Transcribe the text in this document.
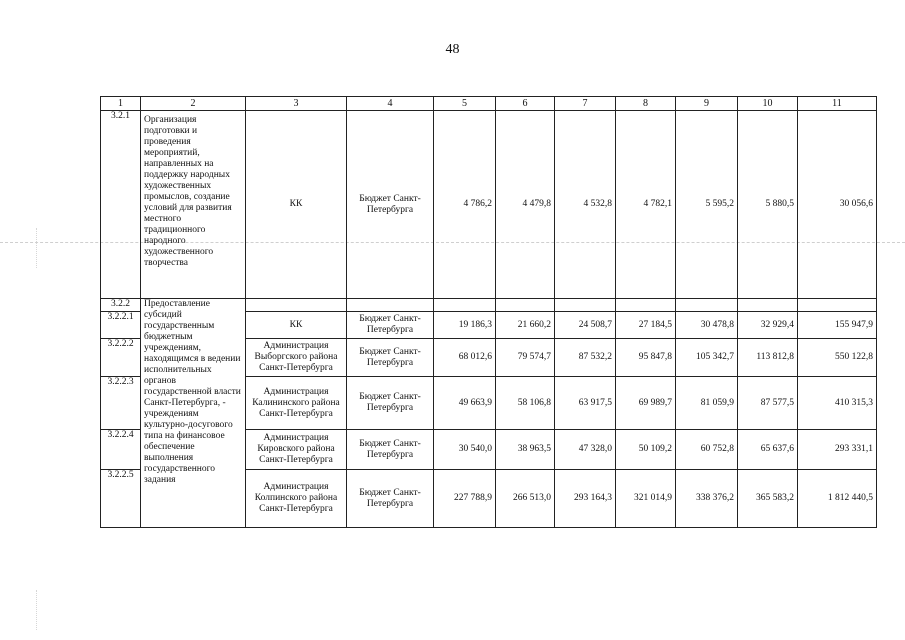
48
1	2	3	4	5	6	7	8	9	10	11
3.2.1	Организация подготовки и проведения мероприятий, направленных на поддержку народных художественных промыслов, создание условий для развития местного традиционного народного художественного творчества	КК	Бюджет Санкт-Петербурга	4 786,2	4 479,8	4 532,8	4 782,1	5 595,2	5 880,5	30 056,6
3.2.2	Предоставление субсидий государственным бюджетным учреждениям, находящимся в ведении исполнительных органов государственной власти Санкт-Петербурга, - учреждениям культурно-досугового типа на финансовое обеспечение выполнения государственного задания									
3.2.2.1		КК	Бюджет Санкт-Петербурга	19 186,3	21 660,2	24 508,7	27 184,5	30 478,8	32 929,4	155 947,9
3.2.2.2		Администрация Выборгского района Санкт-Петербурга	Бюджет Санкт-Петербурга	68 012,6	79 574,7	87 532,2	95 847,8	105 342,7	113 812,8	550 122,8
3.2.2.3		Администрация Калининского района Санкт-Петербурга	Бюджет Санкт-Петербурга	49 663,9	58 106,8	63 917,5	69 989,7	81 059,9	87 577,5	410 315,3
3.2.2.4		Администрация Кировского района Санкт-Петербурга	Бюджет Санкт-Петербурга	30 540,0	38 963,5	47 328,0	50 109,2	60 752,8	65 637,6	293 331,1
3.2.2.5		Администрация Колпинского района Санкт-Петербурга	Бюджет Санкт-Петербурга	227 788,9	266 513,0	293 164,3	321 014,9	338 376,2	365 583,2	1 812 440,5
